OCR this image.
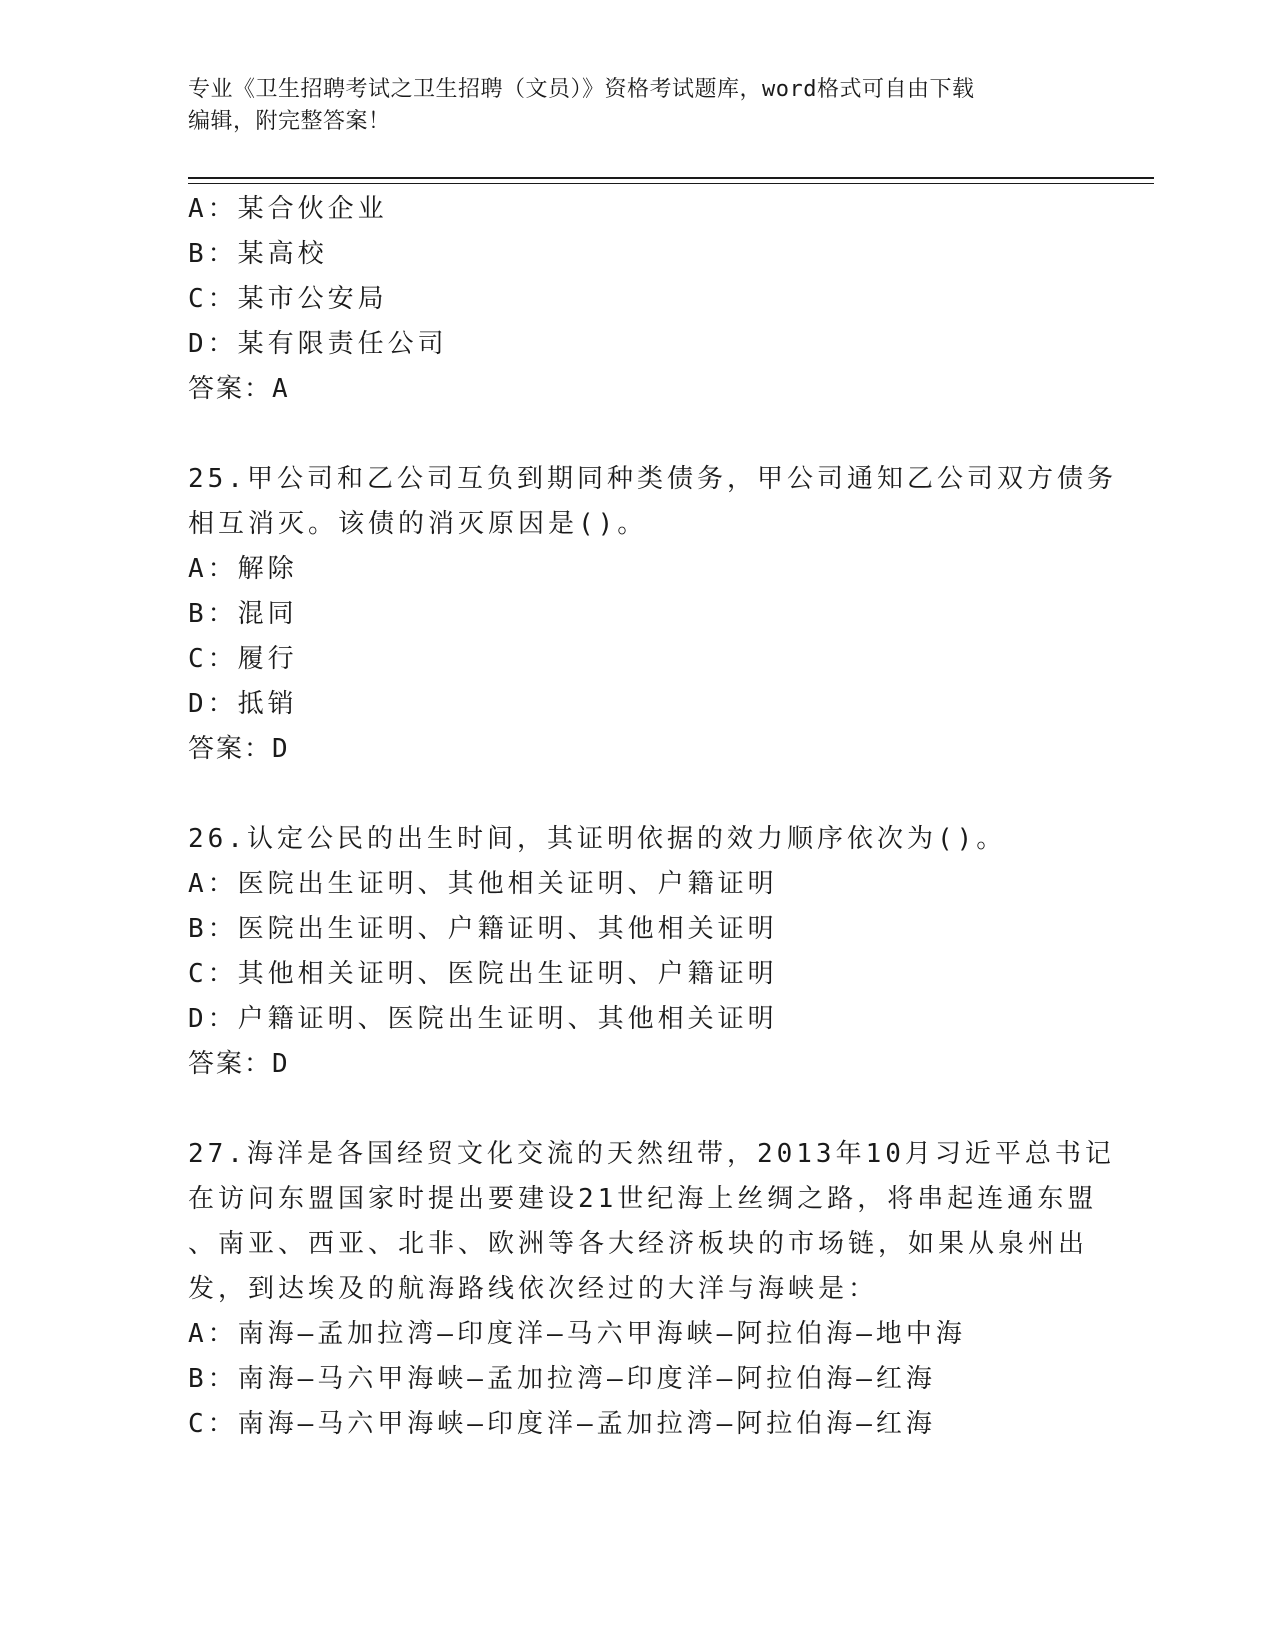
专业《卫生招聘考试之卫生招聘（文员）》资格考试题库，word格式可自由下载
编辑，附完整答案！
A：某合伙企业
B：某高校
C：某市公安局
D：某有限责任公司
答案：A
25.甲公司和乙公司互负到期同种类债务，甲公司通知乙公司双方债务
相互消灭。该债的消灭原因是()。
A：解除
B：混同
C：履行
D：抵销
答案：D
26.认定公民的出生时间，其证明依据的效力顺序依次为()。
A：医院出生证明、其他相关证明、户籍证明
B：医院出生证明、户籍证明、其他相关证明
C：其他相关证明、医院出生证明、户籍证明
D：户籍证明、医院出生证明、其他相关证明
答案：D
27.海洋是各国经贸文化交流的天然纽带，2013年10月习近平总书记
在访问东盟国家时提出要建设21世纪海上丝绸之路，将串起连通东盟
、南亚、西亚、北非、欧洲等各大经济板块的市场链，如果从泉州出
发，到达埃及的航海路线依次经过的大洋与海峡是：
A：南海—孟加拉湾—印度洋—马六甲海峡—阿拉伯海—地中海
B：南海—马六甲海峡—孟加拉湾—印度洋—阿拉伯海—红海
C：南海—马六甲海峡—印度洋—孟加拉湾—阿拉伯海—红海
